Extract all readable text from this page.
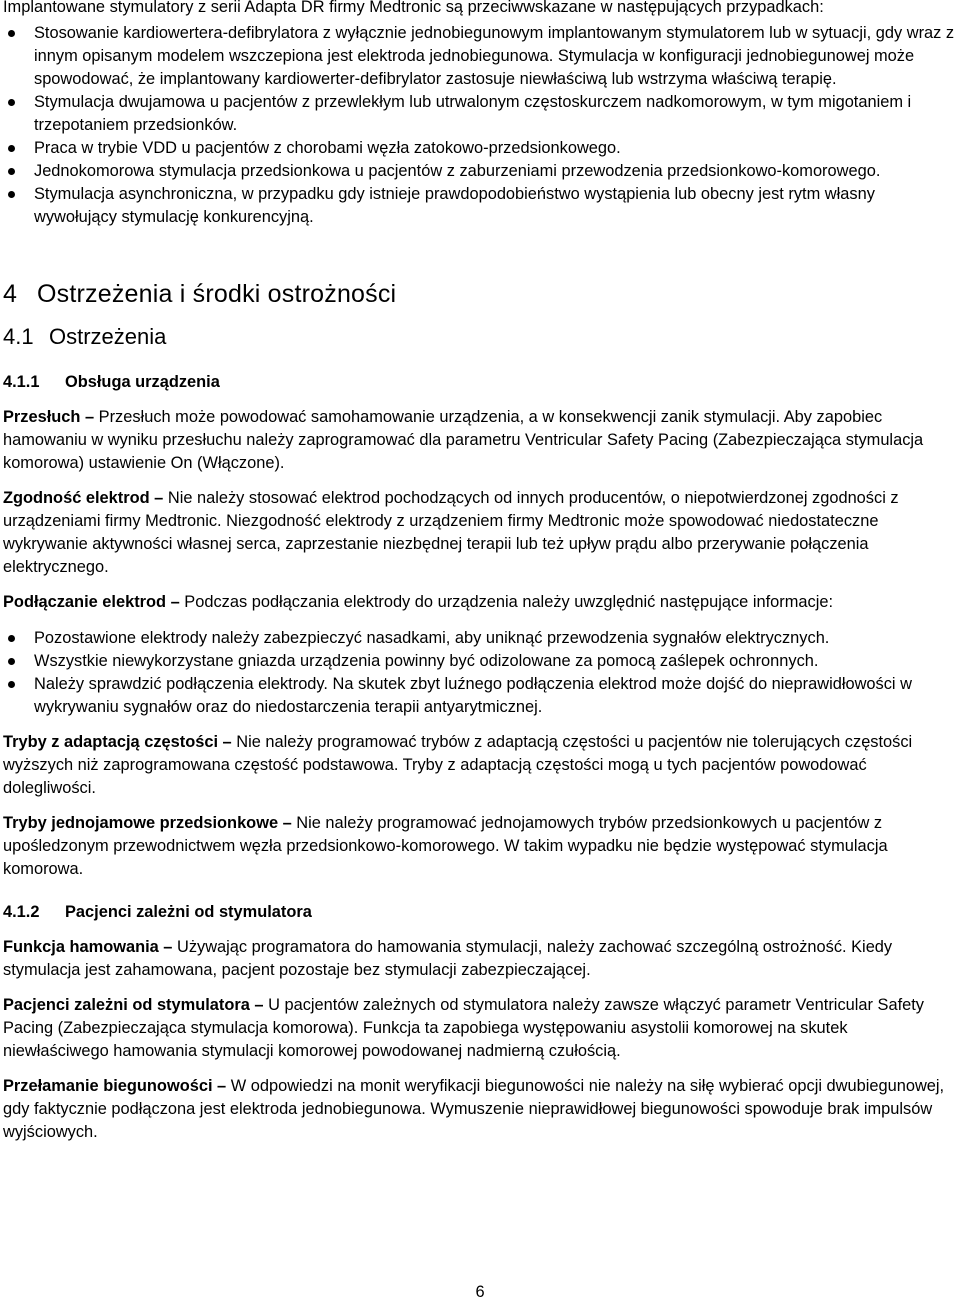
Implantowane stymulatory z serii Adapta DR firmy Medtronic są przeciwwskazane w następujących przypadkach:

Stosowanie kardiowertera-defibrylatora z wyłącznie jednobiegunowym implantowanym stymulatorem lub w sytuacji, gdy wraz z innym opisanym modelem wszczepiona jest elektroda jednobiegunowa. Stymulacja w konfiguracji jednobiegunowej może spowodować, że implantowany kardiowerter-defibrylator zastosuje niewłaściwą lub wstrzyma właściwą terapię.
Stymulacja dwujamowa u pacjentów z przewlekłym lub utrwalonym częstoskurczem nadkomorowym, w tym migotaniem i trzepotaniem przedsionków.
Praca w trybie VDD u pacjentów z chorobami węzła zatokowo-przedsionkowego.
Jednokomorowa stymulacja przedsionkowa u pacjentów z zaburzeniami przewodzenia przedsionkowo-komorowego.
Stymulacja asynchroniczna, w przypadku gdy istnieje prawdopodobieństwo wystąpienia lub obecny jest rytm własny wywołujący stymulację konkurencyjną.
4 Ostrzeżenia i środki ostrożności
4.1 Ostrzeżenia
4.1.1 Obsługa urządzenia

Przesłuch – Przesłuch może powodować samohamowanie urządzenia, a w konsekwencji zanik stymulacji. Aby zapobiec hamowaniu w wyniku przesłuchu należy zaprogramować dla parametru Ventricular Safety Pacing (Zabezpieczająca stymulacja komorowa) ustawienie On (Włączone).

Zgodność elektrod – Nie należy stosować elektrod pochodzących od innych producentów, o niepotwierdzonej zgodności z urządzeniami firmy Medtronic. Niezgodność elektrody z urządzeniem firmy Medtronic może spowodować niedostateczne wykrywanie aktywności własnej serca, zaprzestanie niezbędnej terapii lub też upływ prądu albo przerywanie połączenia elektrycznego.

Podłączanie elektrod – Podczas podłączania elektrody do urządzenia należy uwzględnić następujące informacje:

Pozostawione elektrody należy zabezpieczyć nasadkami, aby uniknąć przewodzenia sygnałów elektrycznych.
Wszystkie niewykorzystane gniazda urządzenia powinny być odizolowane za pomocą zaślepek ochronnych.
Należy sprawdzić podłączenia elektrody. Na skutek zbyt luźnego podłączenia elektrod może dojść do nieprawidłowości w wykrywaniu sygnałów oraz do niedostarczenia terapii antyarytmicznej.

Tryby z adaptacją częstości – Nie należy programować trybów z adaptacją częstości u pacjentów nie tolerujących częstości wyższych niż zaprogramowana częstość podstawowa. Tryby z adaptacją częstości mogą u tych pacjentów powodować dolegliwości.

Tryby jednojamowe przedsionkowe – Nie należy programować jednojamowych trybów przedsionkowych u pacjentów z upośledzonym przewodnictwem węzła przedsionkowo-komorowego. W takim wypadku nie będzie występować stymulacja komorowa.

4.1.2 Pacjenci zależni od stymulatora

Funkcja hamowania – Używając programatora do hamowania stymulacji, należy zachować szczególną ostrożność. Kiedy stymulacja jest zahamowana, pacjent pozostaje bez stymulacji zabezpieczającej.

Pacjenci zależni od stymulatora – U pacjentów zależnych od stymulatora należy zawsze włączyć parametr Ventricular Safety Pacing (Zabezpieczająca stymulacja komorowa). Funkcja ta zapobiega występowaniu asystolii komorowej na skutek niewłaściwego hamowania stymulacji komorowej powodowanej nadmierną czułością.

Przełamanie biegunowości – W odpowiedzi na monit weryfikacji biegunowości nie należy na siłę wybierać opcji dwubiegunowej, gdy faktycznie podłączona jest elektroda jednobiegunowa. Wymuszenie nieprawidłowej biegunowości spowoduje brak impulsów wyjściowych.

6
